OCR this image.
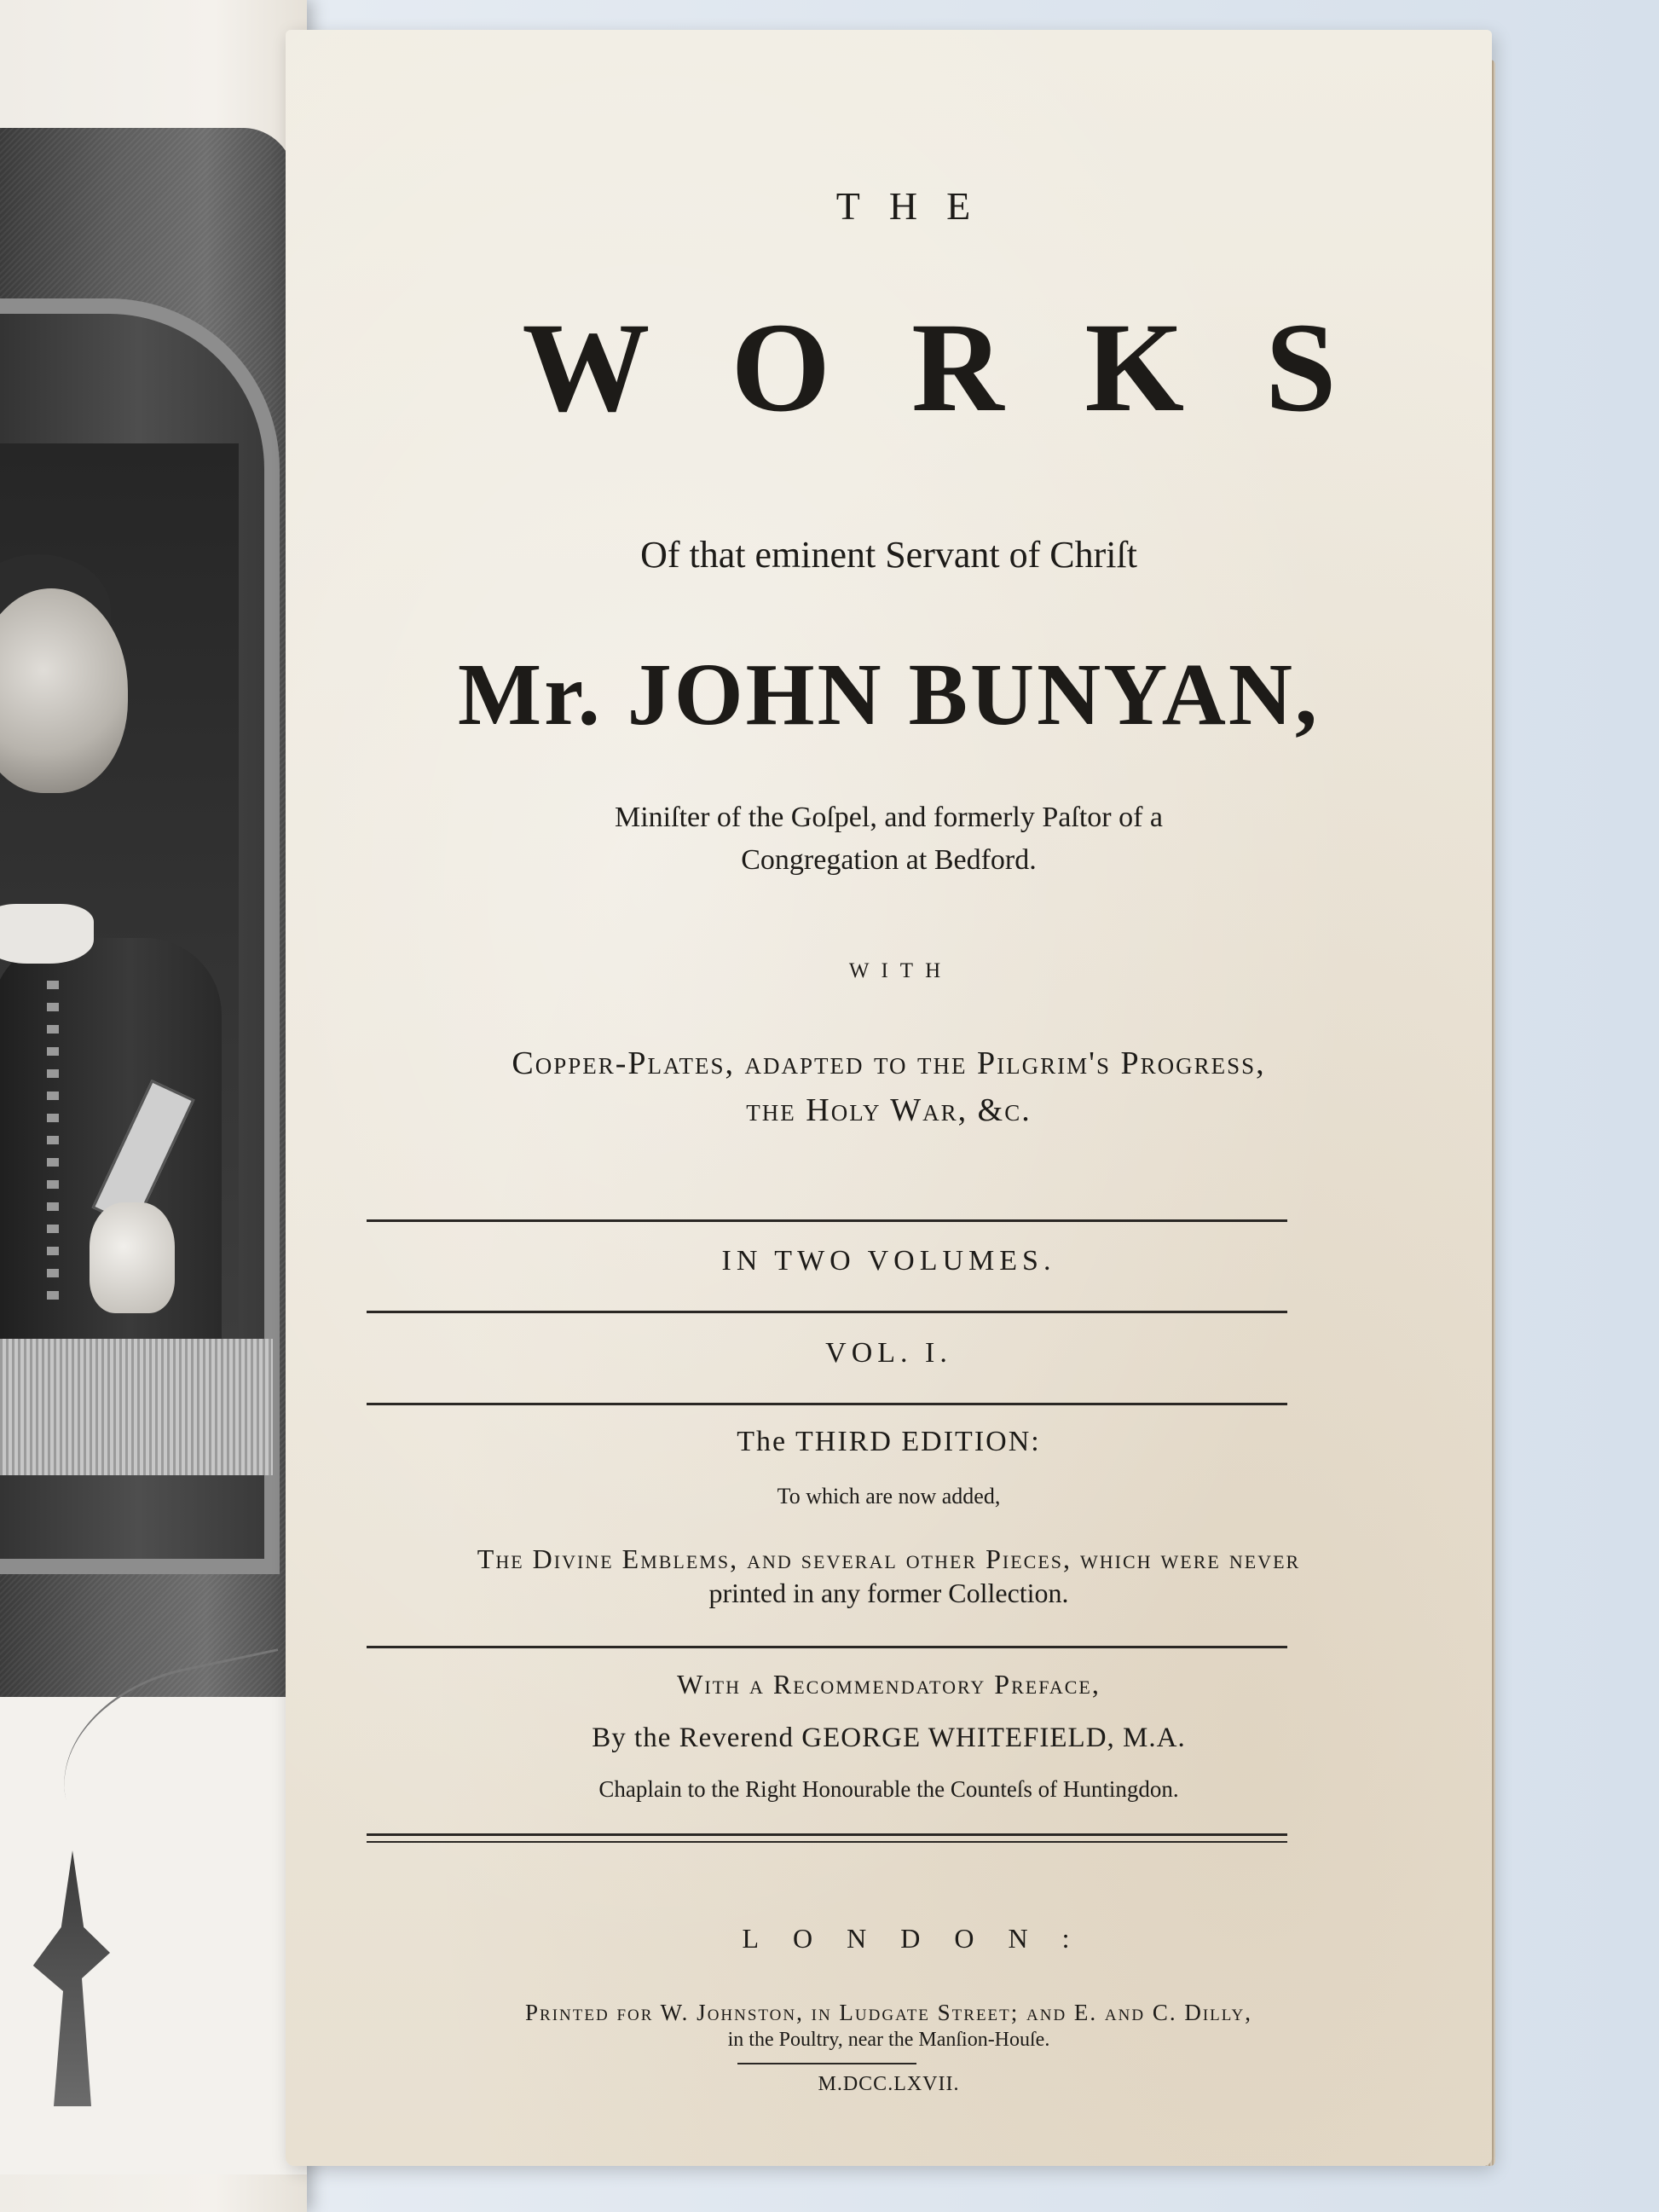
THE
WORKS
Of that eminent Servant of Chriſt
Mr. JOHN BUNYAN,
Miniſter of the Goſpel, and formerly Paſtor of a
Congregation at Bedford.
WITH
Copper-Plates, adapted to the Pilgrim's Progress,
the Holy War, &c.
IN TWO VOLUMES.
VOL. I.
The THIRD EDITION:
To which are now added,
The Divine Emblems, and ſeveral other Pieces, which were never
printed in any former Collection.
With a Recommendatory Preface,
By the Reverend GEORGE WHITEFIELD, M.A.
Chaplain to the Right Honourable the Counteſs of Huntingdon.
LONDON:
Printed for W. Johnston, in Ludgate Street; and E. and C. Dilly,
in the Poultry, near the Manſion-Houſe.
M.DCC.LXVII.
